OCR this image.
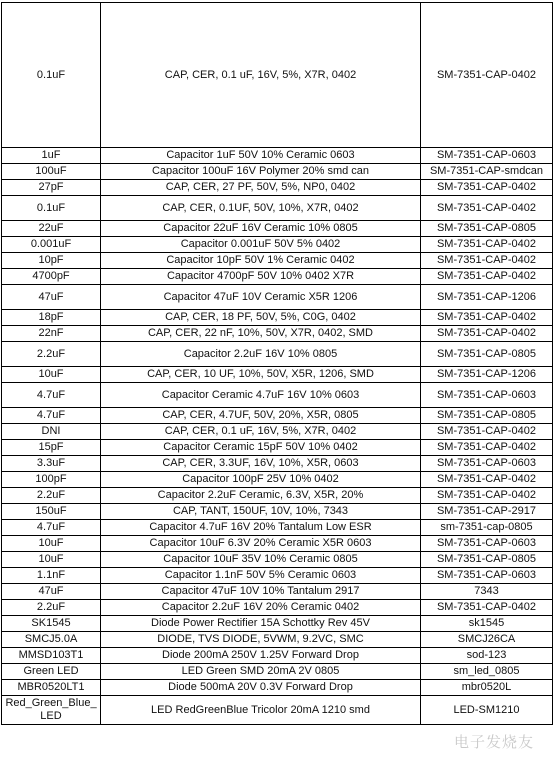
0.1uF	CAP, CER, 0.1 uF, 16V, 5%, X7R, 0402	SM-7351-CAP-0402
1uF	Capacitor 1uF 50V 10% Ceramic 0603	SM-7351-CAP-0603
100uF	Capacitor 100uF 16V Polymer 20% smd can	SM-7351-CAP-smdcan
27pF	CAP, CER, 27 PF, 50V, 5%, NP0, 0402	SM-7351-CAP-0402
0.1uF	CAP, CER, 0.1UF, 50V, 10%, X7R, 0402	SM-7351-CAP-0402
22uF	Capacitor 22uF 16V Ceramic 10% 0805	SM-7351-CAP-0805
0.001uF	Capacitor 0.001uF 50V 5% 0402	SM-7351-CAP-0402
10pF	Capacitor 10pF 50V 1% Ceramic 0402	SM-7351-CAP-0402
4700pF	Capacitor 4700pF 50V 10% 0402 X7R	SM-7351-CAP-0402
47uF	Capacitor 47uF 10V Ceramic X5R 1206	SM-7351-CAP-1206
18pF	CAP, CER, 18 PF, 50V, 5%, C0G, 0402	SM-7351-CAP-0402
22nF	CAP, CER, 22 nF, 10%, 50V, X7R, 0402, SMD	SM-7351-CAP-0402
2.2uF	Capacitor 2.2uF 16V 10% 0805	SM-7351-CAP-0805
10uF	CAP, CER, 10 UF, 10%, 50V, X5R, 1206, SMD	SM-7351-CAP-1206
4.7uF	Capacitor Ceramic 4.7uF 16V 10% 0603	SM-7351-CAP-0603
4.7uF	CAP, CER, 4.7UF, 50V, 20%, X5R, 0805	SM-7351-CAP-0805
DNI	CAP, CER, 0.1 uF, 16V, 5%, X7R, 0402	SM-7351-CAP-0402
15pF	Capacitor Ceramic 15pF 50V 10% 0402	SM-7351-CAP-0402
3.3uF	CAP, CER, 3.3UF, 16V, 10%, X5R, 0603	SM-7351-CAP-0603
100pF	Capacitor 100pF 25V 10% 0402	SM-7351-CAP-0402
2.2uF	Capacitor 2.2uF Ceramic, 6.3V, X5R, 20%	SM-7351-CAP-0402
150uF	CAP, TANT, 150UF, 10V, 10%, 7343	SM-7351-CAP-2917
4.7uF	Capacitor 4.7uF 16V 20% Tantalum Low ESR	sm-7351-cap-0805
10uF	Capacitor 10uF 6.3V 20% Ceramic X5R 0603	SM-7351-CAP-0603
10uF	Capacitor 10uF 35V 10% Ceramic 0805	SM-7351-CAP-0805
1.1nF	Capacitor 1.1nF 50V 5% Ceramic 0603	SM-7351-CAP-0603
47uF	Capacitor 47uF 10V 10% Tantalum 2917	7343
2.2uF	Capacitor 2.2uF 16V 20% Ceramic 0402	SM-7351-CAP-0402
SK1545	Diode Power Rectifier 15A Schottky Rev 45V	sk1545
SMCJ5.0A	DIODE, TVS DIODE, 5VWM, 9.2VC, SMC	SMCJ26CA
MMSD103T1	Diode 200mA 250V 1.25V Forward Drop	sod-123
Green LED	LED Green SMD 20mA 2V 0805	sm_led_0805
MBR0520LT1	Diode 500mA 20V 0.3V Forward Drop	mbr0520L
Red_Green_Blue_LED	LED RedGreenBlue Tricolor 20mA 1210 smd	LED-SM1210
电子发烧友
